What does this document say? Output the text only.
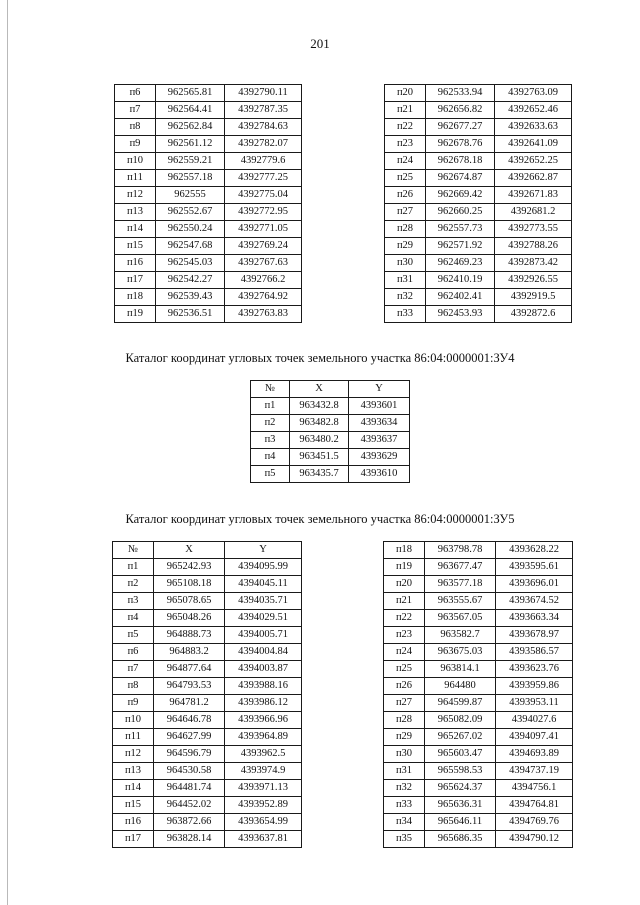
201
п6	962565.81	4392790.11
п7	962564.41	4392787.35
п8	962562.84	4392784.63
п9	962561.12	4392782.07
п10	962559.21	4392779.6
п11	962557.18	4392777.25
п12	962555	4392775.04
п13	962552.67	4392772.95
п14	962550.24	4392771.05
п15	962547.68	4392769.24
п16	962545.03	4392767.63
п17	962542.27	4392766.2
п18	962539.43	4392764.92
п19	962536.51	4392763.83
п20	962533.94	4392763.09
п21	962656.82	4392652.46
п22	962677.27	4392633.63
п23	962678.76	4392641.09
п24	962678.18	4392652.25
п25	962674.87	4392662.87
п26	962669.42	4392671.83
п27	962660.25	4392681.2
п28	962557.73	4392773.55
п29	962571.92	4392788.26
п30	962469.23	4392873.42
п31	962410.19	4392926.55
п32	962402.41	4392919.5
п33	962453.93	4392872.6
Каталог координат угловых точек земельного участка 86:04:0000001:ЗУ4
№	X	Y
п1	963432.8	4393601
п2	963482.8	4393634
п3	963480.2	4393637
п4	963451.5	4393629
п5	963435.7	4393610
Каталог координат угловых точек земельного участка 86:04:0000001:ЗУ5
№	X	Y
п1	965242.93	4394095.99
п2	965108.18	4394045.11
п3	965078.65	4394035.71
п4	965048.26	4394029.51
п5	964888.73	4394005.71
п6	964883.2	4394004.84
п7	964877.64	4394003.87
п8	964793.53	4393988.16
п9	964781.2	4393986.12
п10	964646.78	4393966.96
п11	964627.99	4393964.89
п12	964596.79	4393962.5
п13	964530.58	4393974.9
п14	964481.74	4393971.13
п15	964452.02	4393952.89
п16	963872.66	4393654.99
п17	963828.14	4393637.81
п18	963798.78	4393628.22
п19	963677.47	4393595.61
п20	963577.18	4393696.01
п21	963555.67	4393674.52
п22	963567.05	4393663.34
п23	963582.7	4393678.97
п24	963675.03	4393586.57
п25	963814.1	4393623.76
п26	964480	4393959.86
п27	964599.87	4393953.11
п28	965082.09	4394027.6
п29	965267.02	4394097.41
п30	965603.47	4394693.89
п31	965598.53	4394737.19
п32	965624.37	4394756.1
п33	965636.31	4394764.81
п34	965646.11	4394769.76
п35	965686.35	4394790.12
